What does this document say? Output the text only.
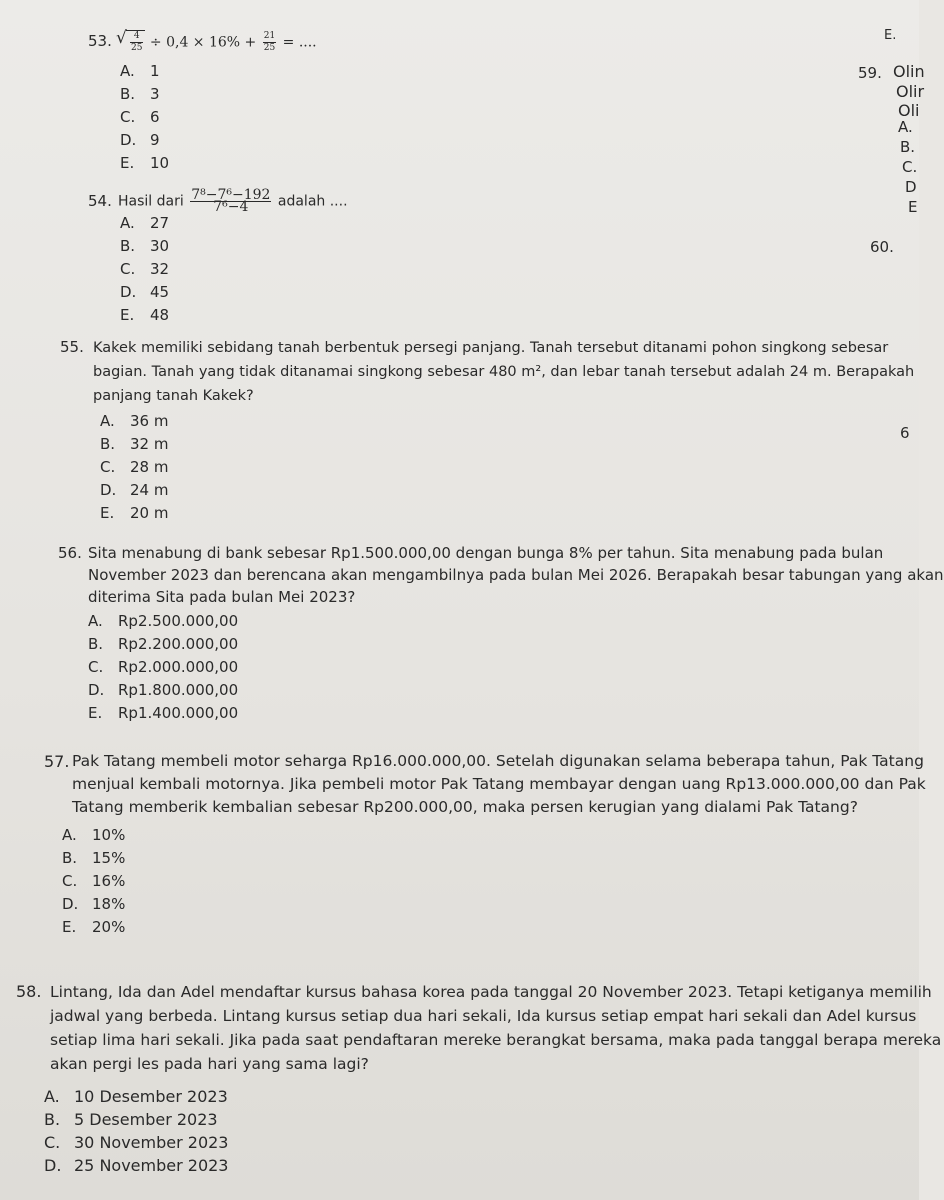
53.
√ $\frac{4}{25} \div 0,4 \times 16\% + \frac{21}{25}$ = ....
A. 1
B. 3
C. 6
D. 9
E. 10
54. Hasil dari $\frac{\text{7⁸−7⁶−192}}{\text{7⁶−4}}$ adalah ....
A. 27
B. 30
C. 32
D. 45
E. 48
55. Kakek memiliki sebidang tanah berbentuk persegi panjang. Tanah tersebut ditanami pohon singkong sebesar
bagian. Tanah yang tidak ditanamai singkong sebesar 480 m², dan lebar tanah tersebut adalah 24 m. Berapakah
panjang tanah Kakek?
A. 36 m
B. 32 m
C. 28 m
D. 24 m
E. 20 m
56. Sita menabung di bank sebesar Rp1.500.000,00 dengan bunga 8% per tahun. Sita menabung pada bulan
November 2023 dan berencana akan mengambilnya pada bulan Mei 2026. Berapakah besar tabungan yang akan
diterima Sita pada bulan Mei 2023?
A. Rp2.500.000,00
B. Rp2.200.000,00
C. Rp2.000.000,00
D. Rp1.800.000,00
E. Rp1.400.000,00
57. Pak Tatang membeli motor seharga Rp16.000.000,00. Setelah digunakan selama beberapa tahun, Pak Tatang
menjual kembali motornya. Jika pembeli motor Pak Tatang membayar dengan uang Rp13.000.000,00 dan Pak
Tatang memberik kembalian sebesar Rp200.000,00, maka persen kerugian yang dialami Pak Tatang?
A. 10%
B. 15%
C. 16%
D. 18%
E. 20%
58. Lintang, Ida dan Adel mendaftar kursus bahasa korea pada tanggal 20 November 2023. Tetapi ketiganya memilih
jadwal yang berbeda. Lintang kursus setiap dua hari sekali, Ida kursus setiap empat hari sekali dan Adel kursus
setiap lima hari sekali. Jika pada saat pendaftaran mereke berangkat bersama, maka pada tanggal berapa mereka
akan pergi les pada hari yang sama lagi?
A. 10 Desember 2023
B. 5 Desember 2023
C. 30 November 2023
D. 25 November 2023
E.
59. Olin
Olir
Oli
A.
B.
C.
D
E
60.
6
